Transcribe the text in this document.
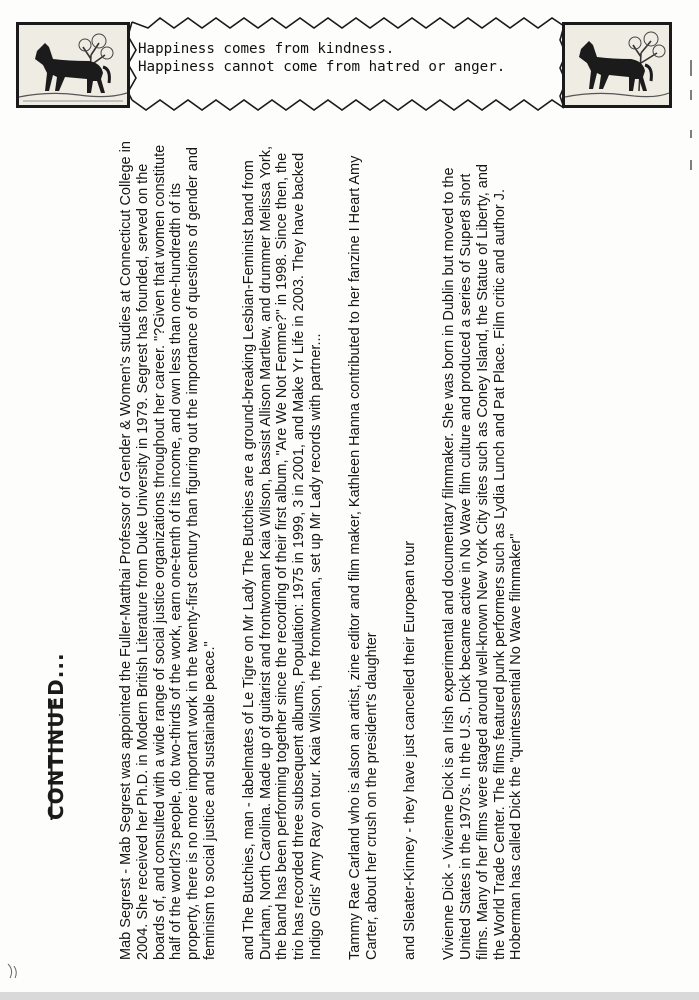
Happiness comes from kindness.
Happiness cannot come from hatred or anger.

Mab Segrest - Mab Segrest was appointed the Fuller-Matthai Professor of Gender & Women's studies at Connecticut College in 2004. She received her Ph.D. in Modern British Literature from Duke University in 1979. Segrest has founded, served on the boards of, and consulted with a wide range of social justice organizations throughout her career. "?Given that women constitute half of the world?s people, do two-thirds of the work, earn one-tenth of its income, and own less than one-hundredth of its property, there is no more important work in the twenty-first century than figuring out the importance of questions of gender and feminism to social justice and sustainable peace." and The Butchies, man - labelmates of Le Tigre on Mr Lady The Butchies are a ground-breaking Lesbian-Feminist band from Durham, North Carolina. Made up of guitarist and frontwoman Kaia Wilson, bassist Allison Martlew, and drummer Melissa York, the band has been performing together since the recording of their first album, "Are We Not Femme?" in 1998. Since then, the trio has recorded three subsequent albums, Population: 1975 in 1999, 3 in 2001, and Make Yr Life in 2003. They have backed Indigo Girls' Amy Ray on tour. Kaia Wilson, the frontwoman, set up Mr Lady records with partner... Tammy Rae Carland who is alson an artist, zine editor and film maker, Kathleen Hanna contributed to her fanzine I Heart Amy Carter, about her crush on the president's daughter and Sleater-Kinney - they have just cancelled their European tour Vivienne Dick - Vivienne Dick is an Irish experimental and documentary filmmaker. She was born in Dublin but moved to the United States in the 1970's. In the U.S., Dick became active in No Wave film culture and produced a series of Super8 short films. Many of her films were staged around well-known New York City sites such as Coney Island, the Statue of Liberty, and the World Trade Center. The films featured punk performers such as Lydia Lunch and Pat Place. Film critic and author J. Hoberman has called Dick the "quintessential No Wave filmmaker"

CONTINUED...
